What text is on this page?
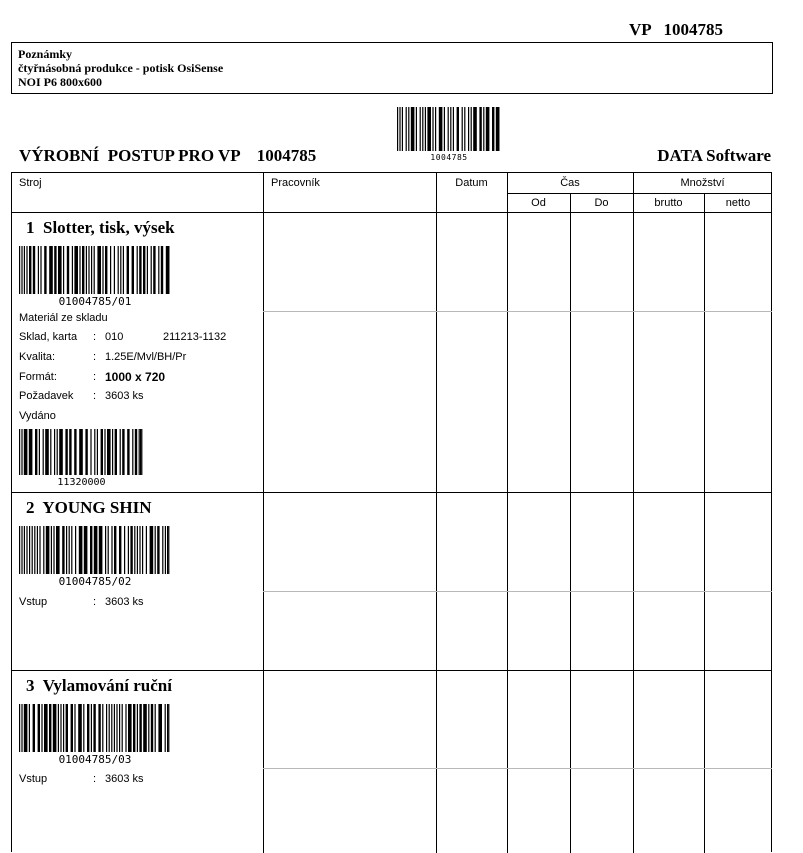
VP 1004785
Poznámky
čtyřnásobná produkce - potisk OsiSense
NOI P6 800x600
1004785
VÝROBNÍ  POSTUP PRO VP 1004785	DATA Software
Stroj	Pracovník	Datum	Čas
Od	Do
Množství
brutto	netto
1 Slotter, tisk, výsek
01004785/01
Materiál ze skladu
Sklad, karta : 010	211213-1132
Kvalita:	: 1.25E/Mvl/BH/Pr
Formát:	: 1000 x 720
Požadavek : 3603 ks
Vydáno
11320000
2 YOUNG SHIN
01004785/02
Vstup	: 3603 ks
3 Vylamování ruční
01004785/03
Vstup	: 3603 ks
